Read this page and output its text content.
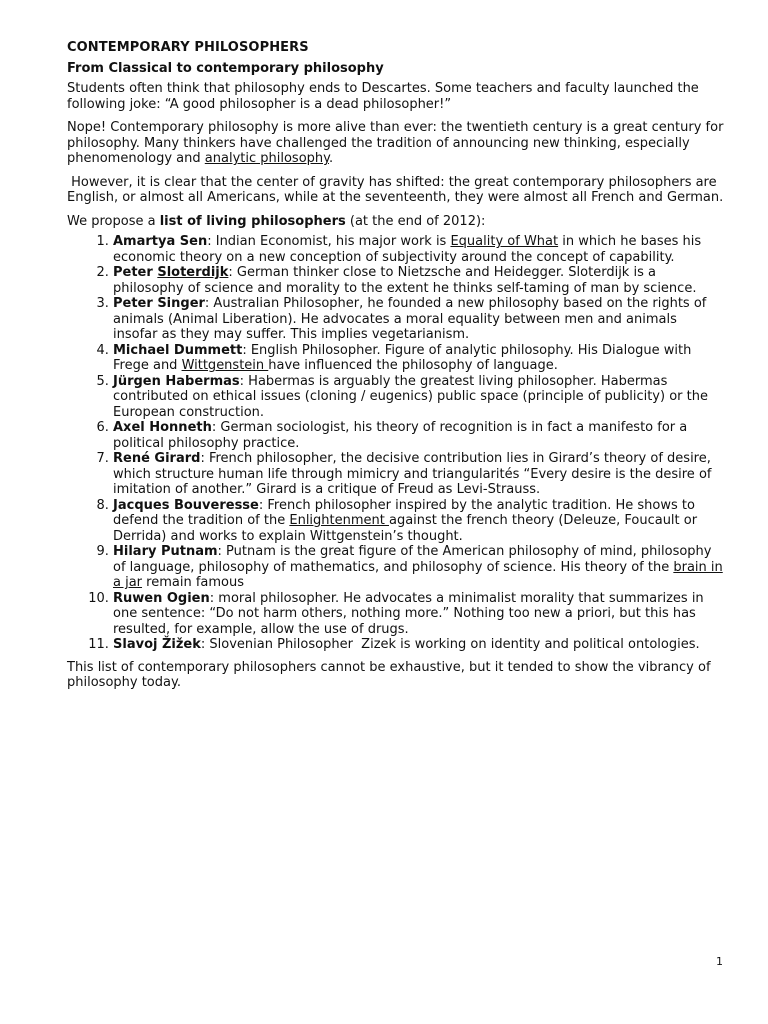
CONTEMPORARY PHILOSOPHERS
From Classical to contemporary philosophy

Students often think that philosophy ends to Descartes. Some teachers and faculty launched the following joke: “A good philosopher is a dead philosopher!”

Nope! Contemporary philosophy is more alive than ever: the twentieth century is a great century for philosophy. Many thinkers have challenged the tradition of announcing new thinking, especially phenomenology and analytic philosophy.

However, it is clear that the center of gravity has shifted: the great contemporary philosophers are English, or almost all Americans, while at the seventeenth, they were almost all French and German.

We propose a list of living philosophers (at the end of 2012):
1. Amartya Sen: Indian Economist, his major work is Equality of What in which he bases his economic theory on a new conception of subjectivity around the concept of capability.
2. Peter Sloterdijk: German thinker close to Nietzsche and Heidegger. Sloterdijk is a philosophy of science and morality to the extent he thinks self-taming of man by science.
3. Peter Singer: Australian Philosopher, he founded a new philosophy based on the rights of animals (Animal Liberation). He advocates a moral equality between men and animals insofar as they may suffer. This implies vegetarianism.
4. Michael Dummett: English Philosopher. Figure of analytic philosophy. His Dialogue with Frege and Wittgenstein have influenced the philosophy of language.
5. Jürgen Habermas: Habermas is arguably the greatest living philosopher. Habermas contributed on ethical issues (cloning / eugenics) public space (principle of publicity) or the European construction.
6. Axel Honneth: German sociologist, his theory of recognition is in fact a manifesto for a political philosophy practice.
7. René Girard: French philosopher, the decisive contribution lies in Girard’s theory of desire, which structure human life through mimicry and triangularités “Every desire is the desire of imitation of another.” Girard is a critique of Freud as Levi-Strauss.
8. Jacques Bouveresse: French philosopher inspired by the analytic tradition. He shows to defend the tradition of the Enlightenment against the french theory (Deleuze, Foucault or Derrida) and works to explain Wittgenstein’s thought.
9. Hilary Putnam: Putnam is the great figure of the American philosophy of mind, philosophy of language, philosophy of mathematics, and philosophy of science. His theory of the brain in a jar remain famous
10. Ruwen Ogien: moral philosopher. He advocates a minimalist morality that summarizes in one sentence: “Do not harm others, nothing more.” Nothing too new a priori, but this has resulted, for example, allow the use of drugs.
11. Slavoj Žižek: Slovenian Philosopher  Zizek is working on identity and political ontologies.

This list of contemporary philosophers cannot be exhaustive, but it tended to show the vibrancy of philosophy today.

1
